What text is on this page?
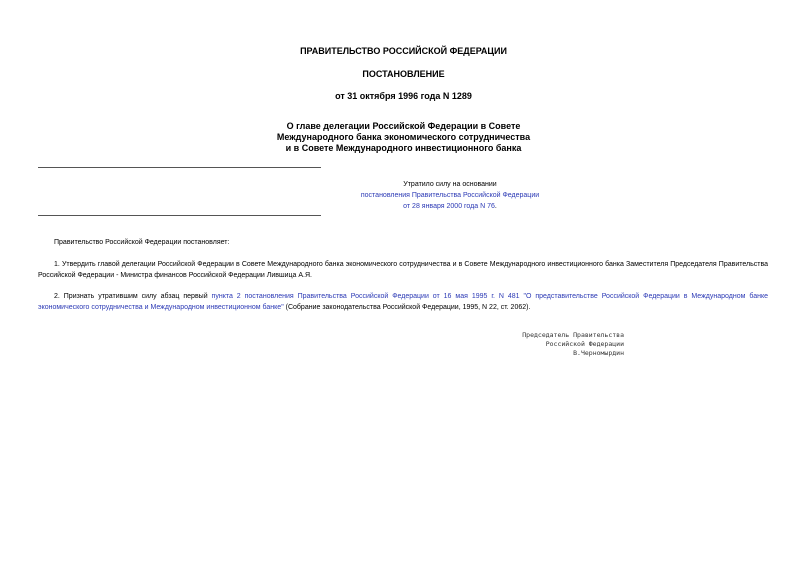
ПРАВИТЕЛЬСТВО РОССИЙСКОЙ ФЕДЕРАЦИИ
ПОСТАНОВЛЕНИЕ
от 31 октября 1996 года N 1289
О главе делегации Российской Федерации в Совете
Международного банка экономического сотрудничества
и в Совете Международного инвестиционного банка
Утратило силу на основании
постановления Правительства Российской Федерации
от 28 января 2000 года N 76.
Правительство Российской Федерации постановляет:
1. Утвердить главой делегации Российской Федерации в Совете Международного банка экономического сотрудничества и в Совете Международного инвестиционного банка Заместителя Председателя Правительства Российской Федерации - Министра финансов Российской Федерации Лившица А.Я.
2. Признать утратившим силу абзац первый пункта 2 постановления Правительства Российской Федерации от 16 мая 1995 г. N 481 "О представительстве Российской Федерации в Международном банке экономического сотрудничества и Международном инвестиционном банке" (Собрание законодательства Российской Федерации, 1995, N 22, ст. 2062).
Председатель Правительства
Российской Федерации
В.Черномырдин
